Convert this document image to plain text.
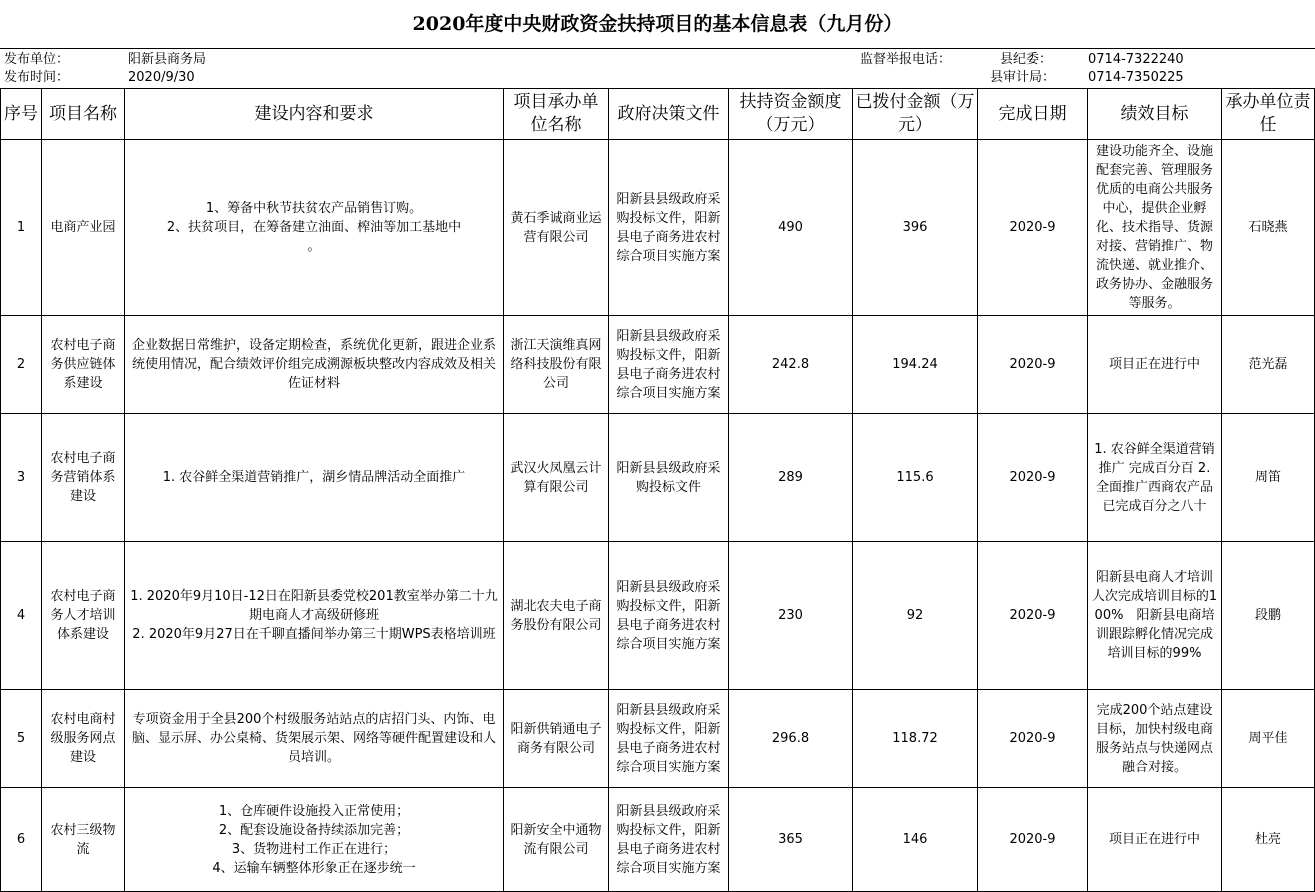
2020年度中央财政资金扶持项目的基本信息表（九月份）
发布单位：	阳新县商务局
发布时间：	2020/9/30
监督举报电话：	县纪委：	0714-7322240
县审计局：	0714-7350225
序号	项目名称	建设内容和要求	项目承办单位名称	政府决策文件	扶持资金额度（万元）	已拨付金额（万元）	完成日期	绩效目标	承办单位责任
1	电商产业园	1、筹备中秋节扶贫农产品销售订购。
2、扶贫项目，在筹备建立油面、榨油等加工基地中
。	黄石季诚商业运营有限公司	阳新县县级政府采购投标文件，阳新县电子商务进农村综合项目实施方案	490	396	2020-9	建设功能齐全、设施配套完善、管理服务优质的电商公共服务中心，提供企业孵化、技术指导、货源对接、营销推广、物流快递、就业推介、政务协办、金融服务等服务。	石晓燕
2	农村电子商务供应链体系建设	企业数据日常维护，设备定期检查，系统优化更新，跟进企业系统使用情况，配合绩效评价组完成溯源板块整改内容成效及相关佐证材料	浙江天演维真网络科技股份有限公司	阳新县县级政府采购投标文件，阳新县电子商务进农村综合项目实施方案	242.8	194.24	2020-9	项目正在进行中	范光磊
3	农村电子商务营销体系建设	1. 农谷鲜全渠道营销推广，湖乡情品牌活动全面推广	武汉火凤凰云计算有限公司	阳新县县级政府采购投标文件	289	115.6	2020-9	1. 农谷鲜全渠道营销推广 完成百分百 2. 全面推广西商农产品已完成百分之八十	周笛
4	农村电子商务人才培训体系建设	1. 2020年9月10日-12日在阳新县委党校201教室举办第二十九期电商人才高级研修班
2. 2020年9月27日在千聊直播间举办第三十期WPS表格培训班	湖北农夫电子商务股份有限公司	阳新县县级政府采购投标文件，阳新县电子商务进农村综合项目实施方案	230	92	2020-9	阳新县电商人才培训人次完成培训目标的100%　阳新县电商培训跟踪孵化情况完成培训目标的99%	段鹏
5	农村电商村级服务网点建设	专项资金用于全县200个村级服务站站点的店招门头、内饰、电脑、显示屏、办公桌椅、货架展示架、网络等硬件配置建设和人员培训。	阳新供销通电子商务有限公司	阳新县县级政府采购投标文件，阳新县电子商务进农村综合项目实施方案	296.8	118.72	2020-9	完成200个站点建设目标，加快村级电商服务站点与快递网点融合对接。	周平佳
6	农村三级物流	1、仓库硬件设施投入正常使用；
2、配套设施设备持续添加完善；
3、货物进村工作正在进行；
4、运输车辆整体形象正在逐步统一	阳新安全中通物流有限公司	阳新县县级政府采购投标文件，阳新县电子商务进农村综合项目实施方案	365	146	2020-9	项目正在进行中	杜亮
